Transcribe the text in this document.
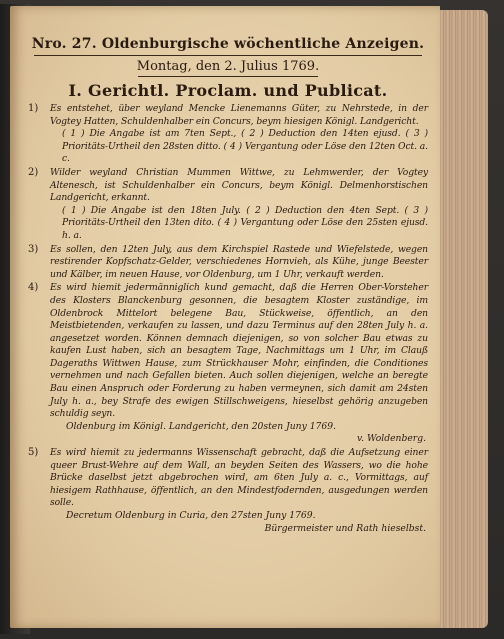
Nro. 27. Oldenburgische wöchentliche Anzeigen.
Montag, den 2. Julius 1769.
I. Gerichtl. Proclam. und Publicat.
1) Es entstehet, über weyland Mencke Lienemanns Güter, zu Nehrstede, in der Vogtey Hatten, Schuldenhalber ein Concurs, beym hiesigen Königl. Landgericht.
( 1 ) Die Angabe ist am 7ten Sept., ( 2 ) Deduction den 14ten ejusd. ( 3 ) Prioritäts-Urtheil den 28sten ditto. ( 4 ) Vergantung oder Löse den 12ten Oct. a. c.
2) Wilder weyland Christian Mummen Wittwe, zu Lehmwerder, der Vogtey Altenesch, ist Schuldenhalber ein Concurs, beym Königl. Delmenhorstischen Landgericht, erkannt.
( 1 ) Die Angabe ist den 18ten July. ( 2 ) Deduction den 4ten Sept. ( 3 ) Prioritäts-Urtheil den 13ten dito. ( 4 ) Vergantung oder Löse den 25sten ejusd. h. a.
3) Es sollen, den 12ten July, aus dem Kirchspiel Rastede und Wiefelstede, wegen restirender Kopfschatz-Gelder, verschiedenes Hornvieh, als Kühe, junge Beester und Kälber, im neuen Hause, vor Oldenburg, um 1 Uhr, verkauft werden.
4) Es wird hiemit jedermänniglich kund gemacht, daß die Herren Ober-Vorsteher des Klosters Blanckenburg gesonnen, die besagtem Kloster zuständige, im Oldenbrock Mittelort belegene Bau, Stückweise, öffentlich, an den Meistbietenden, verkaufen zu lassen, und dazu Terminus auf den 28ten July h. a. angesetzet worden. Können demnach diejenigen, so von solcher Bau etwas zu kaufen Lust haben, sich an besagtem Tage, Nachmittags um 1 Uhr, im Clauß Dageraths Wittwen Hause, zum Strückhauser Mohr, einfinden, die Conditiones vernehmen und nach Gefallen bieten. Auch sollen diejenigen, welche an beregte Bau einen Anspruch oder Forderung zu haben vermeynen, sich damit am 24sten July h. a., bey Strafe des ewigen Stillschweigens, hieselbst gehörig anzugeben schuldig seyn.
Oldenburg im Königl. Landgericht, den 20sten Juny 1769.
v. Woldenberg.
5) Es wird hiemit zu jedermanns Wissenschaft gebracht, daß die Aufsetzung einer queer Brust-Wehre auf dem Wall, an beyden Seiten des Wassers, wo die hohe Brücke daselbst jetzt abgebrochen wird, am 6ten July a. c., Vormittags, auf hiesigem Rathhause, öffentlich, an den Mindestfodernden, ausgedungen werden solle.
Decretum Oldenburg in Curia, den 27sten Juny 1769.
Bürgermeister und Rath hieselbst.
